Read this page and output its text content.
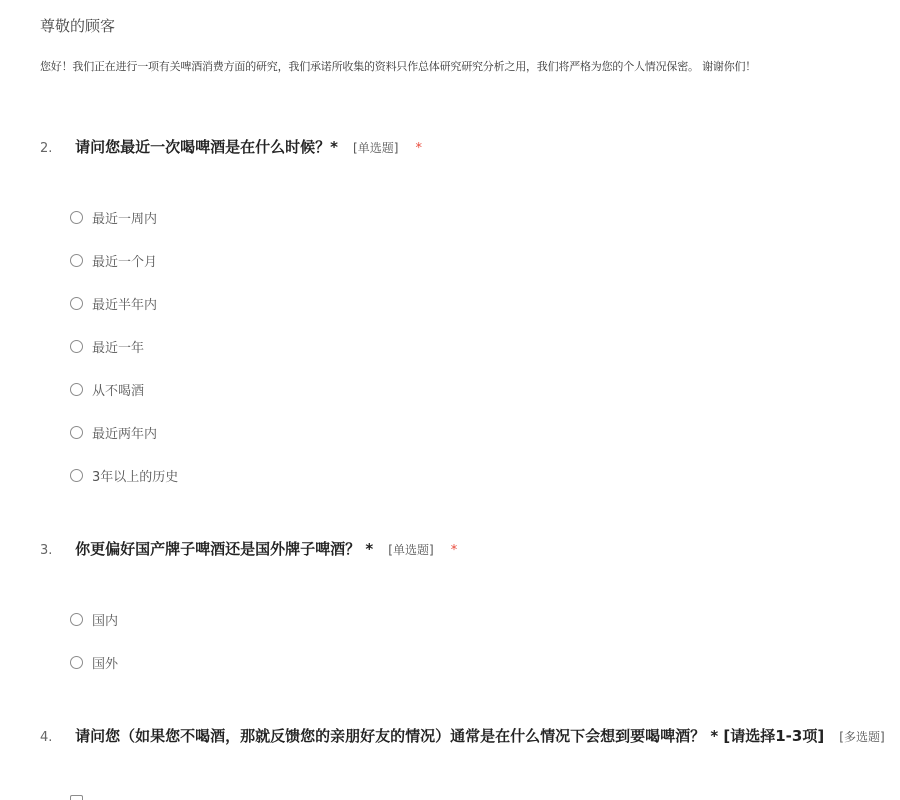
尊敬的顾客
您好！我们正在进行一项有关啤酒消费方面的研究，我们承诺所收集的资料只作总体研究研究分析之用，我们将严格为您的个人情况保密。 谢谢你们！
2. 请问您最近一次喝啤酒是在什么时候？* [单选题] *
最近一周内
最近一个月
最近半年内
最近一年
从不喝酒
最近两年内
3年以上的历史
3. 你更偏好国产牌子啤酒还是国外牌子啤酒？ * [单选题] *
国内
国外
4. 请问您（如果您不喝酒，那就反馈您的亲朋好友的情况）通常是在什么情况下会想到要喝啤酒？ * [请选择1-3项] [多选题]
